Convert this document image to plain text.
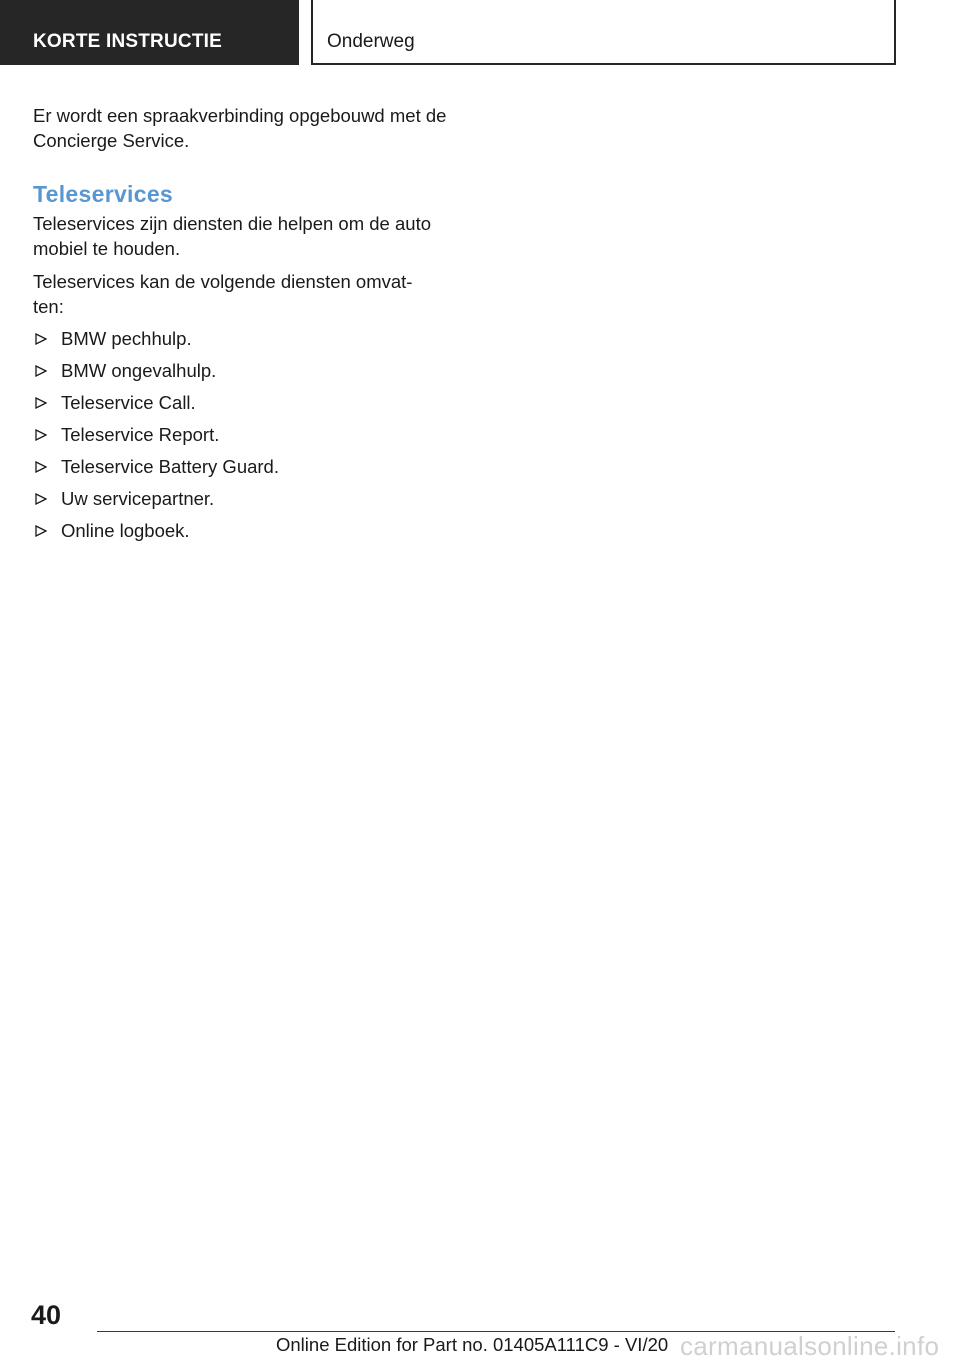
KORTE INSTRUCTIE	Onderweg

Er wordt een spraakverbinding opgebouwd met de Concierge Service.

Teleservices

Teleservices zijn diensten die helpen om de auto mobiel te houden.

Teleservices kan de volgende diensten omvat- ten:

BMW pechhulp.
BMW ongevalhulp.
Teleservice Call.
Teleservice Report.
Teleservice Battery Guard.
Uw servicepartner.
Online logboek.
40
Online Edition for Part no. 01405A111C9 - VI/20 carmanualsonline.info
